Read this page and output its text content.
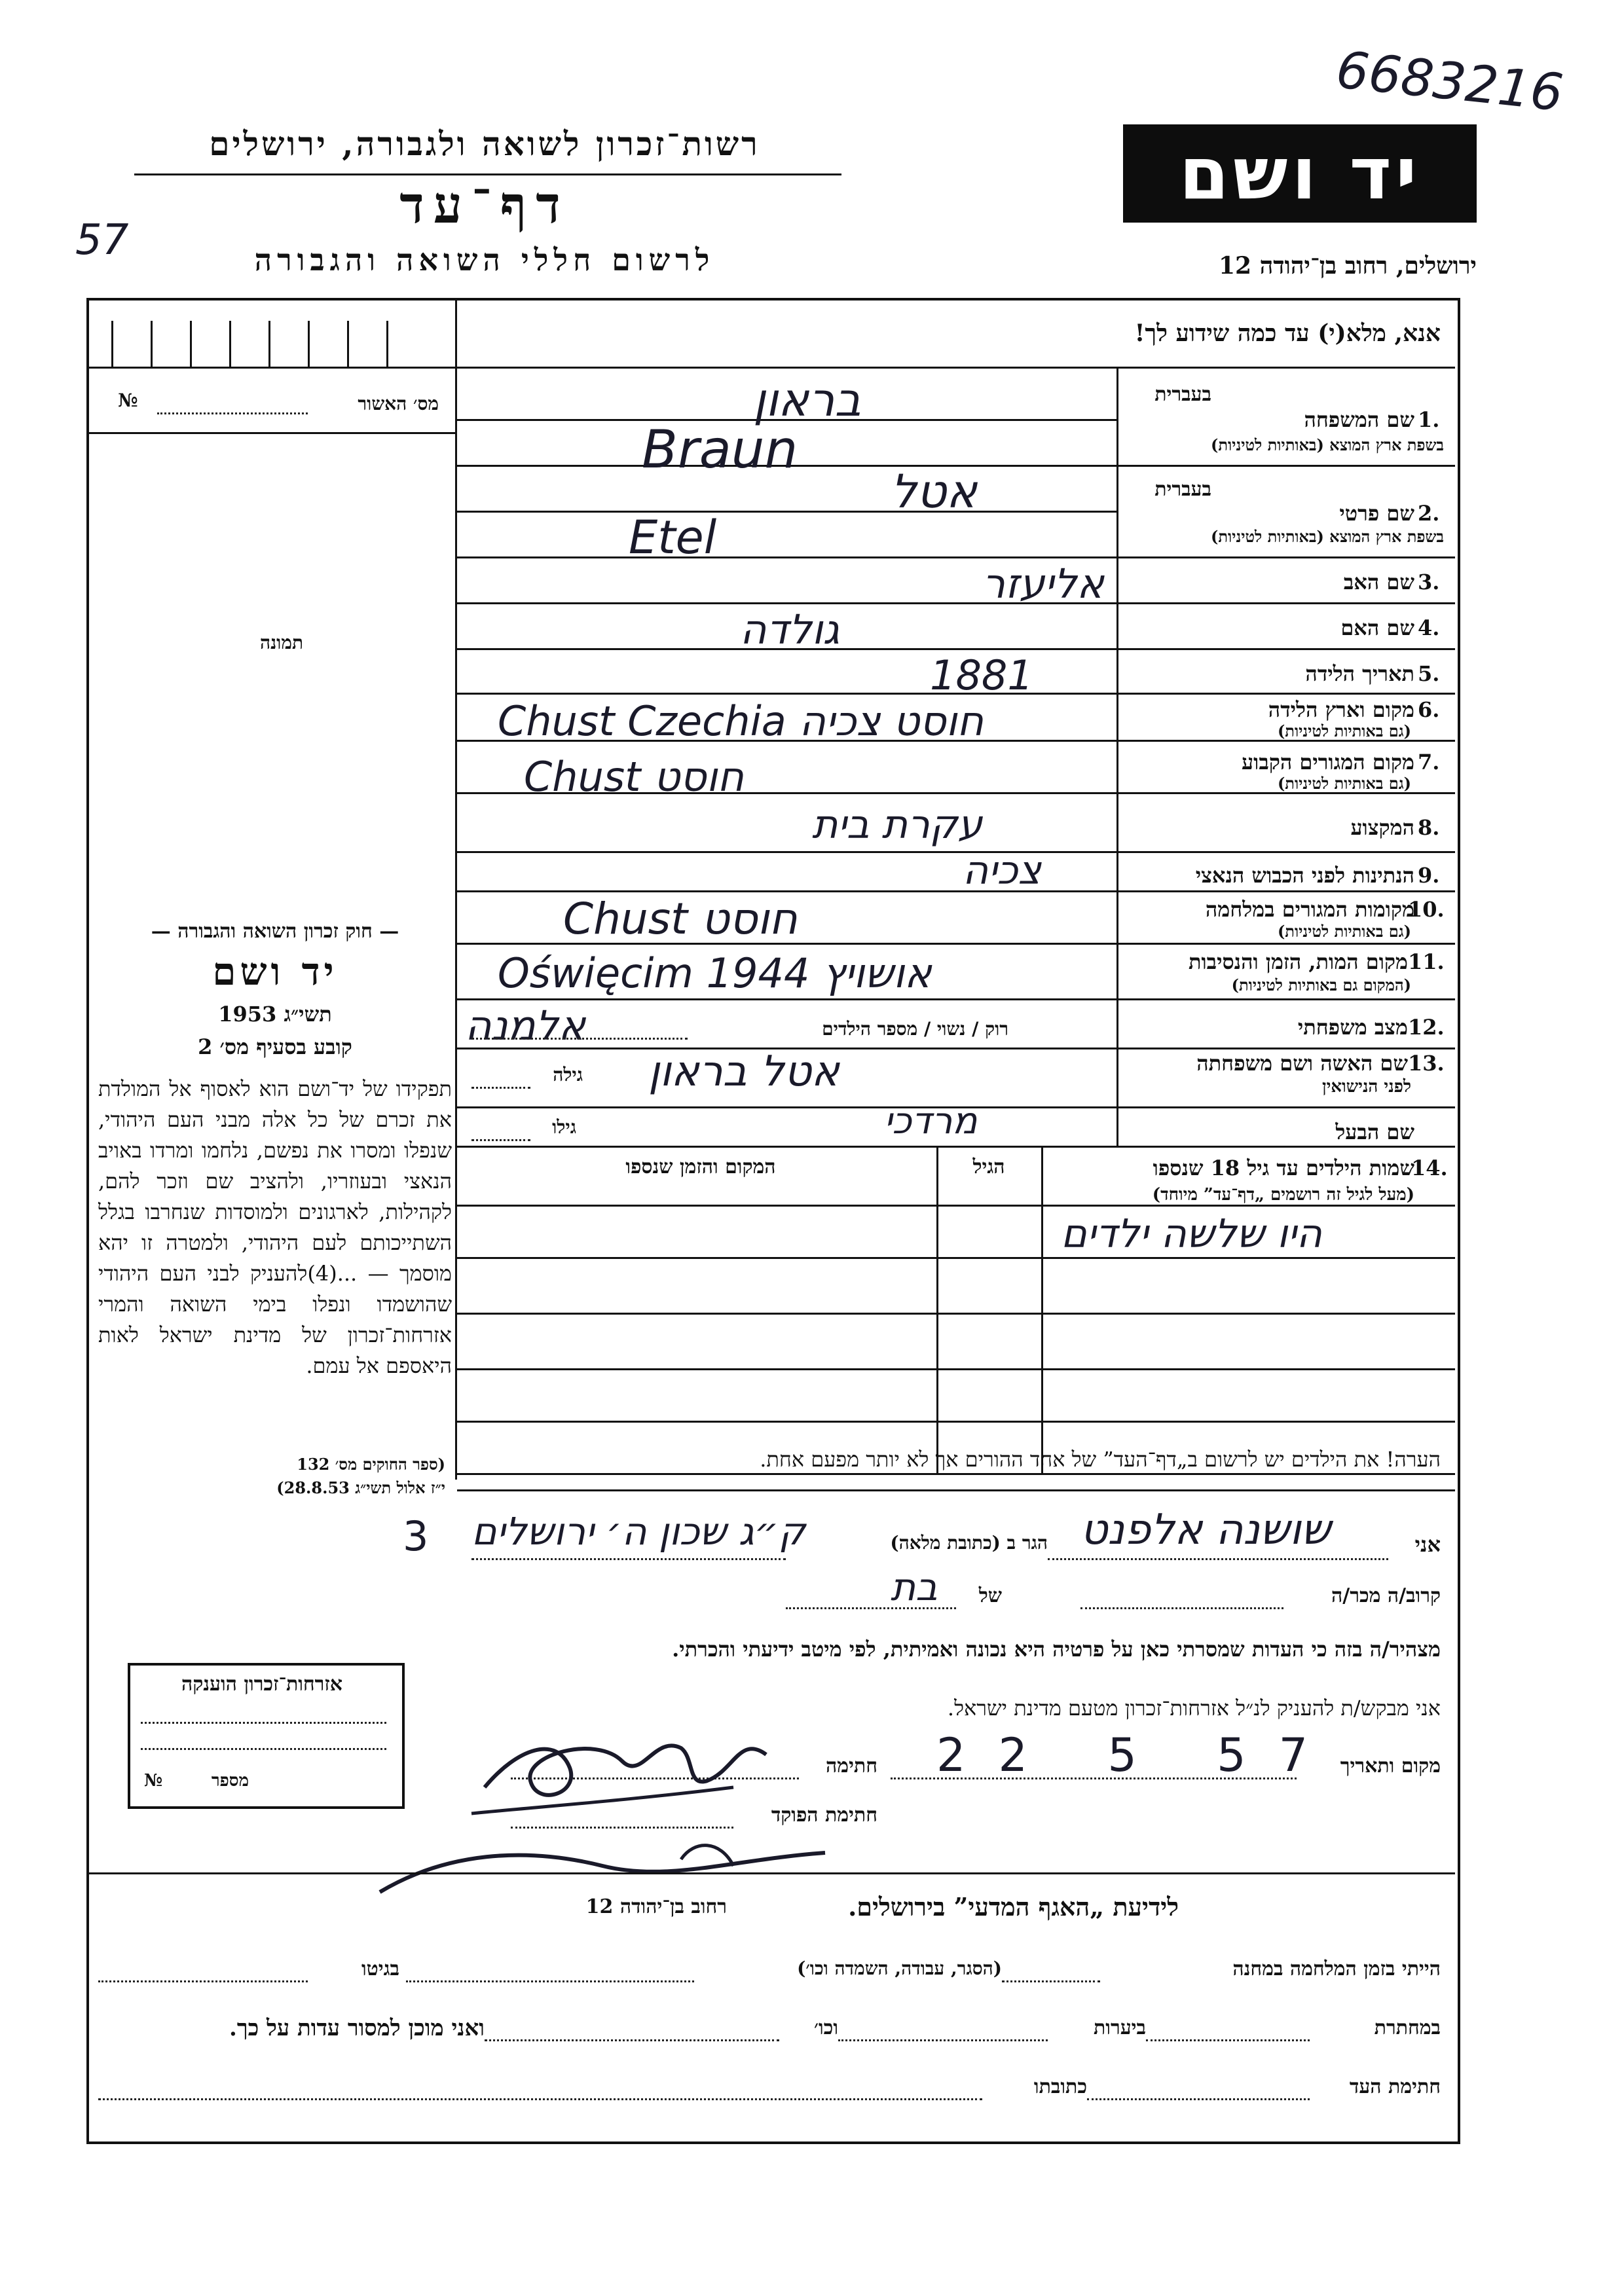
6683216
57
רשות־זכרון לשואה ולגבורה, ירושלים
דף־עד
לרשום חללי השואה והגבורה
יד ושם
ירושלים, רחוב בן־יהודה 12
אנא, מלא(י) עד כמה שידוע לך!
מס׳ האשור
№
תמונה
בעברית
שם המשפחה 1.
בשפת ארץ המוצא (באותיות לטיניות)
בראון
Braun
בעברית
שם פרטי 2.
בשפת ארץ המוצא (באותיות לטיניות)
אטל
Etel
שם האב 3.
אליעזר
שם האם 4.
גולדה
תאריך הלידה 5.
1881
מקום וארץ הלידה 6.
(גם באותיות לטיניות)
Chust Czechia חוסט צכיה
מקום המגורים הקבוע 7.
(גם באותיות לטיניות)
Chust חוסט
המקצוע 8.
עקרת בית
הנתינות לפני הכבוש הנאצי 9.
צכיה
מקומות המגורים במלחמה
10.
(גם באותיות לטיניות)
Chust חוסט
מקום המות, הזמן והנסיבות 11.
(המקום גם באותיות לטיניות)
Oświęcim אושויץ 1944
מצב משפחתי 12.
רוק / נשוי / מספר הילדים
אלמנה
שם האשה ושם משפחתה 13.
לפני הנישואין
גילה אטל בראון
שם הבעל
גילו	מרדכי
שמות הילדים עד גיל 18 שנספו
14.
(מעל לגיל זה רושמים „דף־עד” מיוחד)
הגיל
המקום והזמן שנספו
היו שלשה ילדים
הערה! את הילדים יש לרשום ב„דף־העד” של אחד ההורים אך לא יותר מפעם אחת.
— חוק זכרון השואה והגבורה —
יד ושם
תשי״ג 1953
קובע בסעיף מס׳ 2
תפקידו של יד־ושם הוא לאסוף אל המולדת את זכרם של כל אלה מבני העם היהודי, שנפלו ומסרו את נפשם, נלחמו ומרדו באויב הנאצי ובעוזריו, ולהציב שם וזכר להם, לקהילות, לארגונים ולמוסדות שנחרבו בגלל השתייכותם לעם היהודי, ולמטרה זו יהא מוסמך — ...(4)להעניק לבני העם היהודי שהושמדו ונפלו בימי השואה והמרי אזרחות־זכרון של מדינת ישראל לאות היאספם אל עמם.
(ספר החוקים מס׳ 132
י״ז אלול תשי״ג 28.8.53)
3	אני
שושנה אלפנט
הגר ב (כתובת מלאה)
ק״ג שכון ה׳ ירושלים
קרוב/ה מכר/ה
של
בת
מצהיר/ה בזה כי העדות שמסרתי כאן על פרטיה היא נכונה ואמיתית, לפי מיטב ידיעתי והכרתי.
אני מבקש/ת להעניק לנ״ל אזרחות־זכרון מטעם מדינת ישראל.
מקום ותאריך
22 5 57
חתימה
חתימת הפוקד
אזרחות־זכרון הוענקה
מספר
№
לידיעת „האגף המדעי” בירושלים.
רחוב בן־יהודה 12
הייתי בזמן המלחמה במחנה
(הסגר, עבודה, השמדה וכו׳)
בגיטו
במחתרת
ביערות
וכו׳
ואני מוכן למסור עדות על כך.
חתימת העד
כתובתו
